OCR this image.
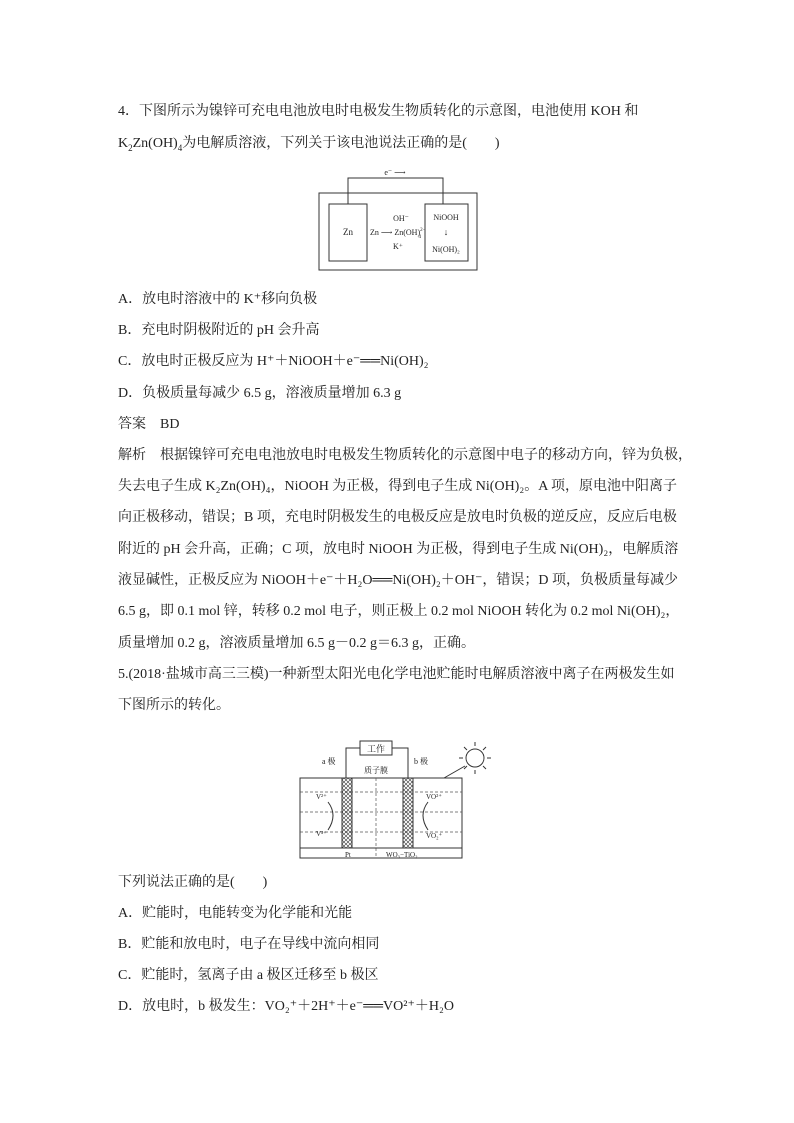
4．下图所示为镍锌可充电电池放电时电极发生物质转化的示意图，电池使用 KOH 和
$K_2Zn(OH)_4$为电解质溶液，下列关于该电池说法正确的是(　　)
e⁻ ⟶
Zn
NiOOH
↓
Ni(OH)₂
OH⁻
Zn ⟶ Zn(OH)$^{2-}$ 4
K⁺
A．放电时溶液中的 K⁺移向负极
B．充电时阴极附近的 pH 会升高
C．放电时正极反应为 H⁺＋NiOOH＋e⁻══Ni(OH)₂
D．负极质量每减少 6.5 g，溶液质量增加 6.3 g
答案　BD
解析　根据镍锌可充电电池放电时电极发生物质转化的示意图中电子的移动方向，锌为负极，
失去电子生成 K₂Zn(OH)₄，NiOOH 为正极，得到电子生成 Ni(OH)₂。A 项，原电池中阳离子
向正极移动，错误；B 项，充电时阴极发生的电极反应是放电时负极的逆反应，反应后电极
附近的 pH 会升高，正确；C 项，放电时 NiOOH 为正极，得到电子生成 Ni(OH)₂，电解质溶
液显碱性，正极反应为 NiOOH＋e⁻＋H₂O══Ni(OH)₂＋OH⁻，错误；D 项，负极质量每减少
6.5 g，即 0.1 mol 锌，转移 0.2 mol 电子，则正极上 0.2 mol NiOOH 转化为 0.2 mol Ni(OH)₂，
质量增加 0.2 g，溶液质量增加 6.5 g－0.2 g＝6.3 g，正确。
5.(2018·盐城市高三三模)一种新型太阳光电化学电池贮能时电解质溶液中离子在两极发生如
下图所示的转化。
工作
a 极	b 极
质子膜
V²⁺
V³⁺
VO²⁺
VO₂⁺
Pt	WO₃−TiO₂
下列说法正确的是(　　)
A．贮能时，电能转变为化学能和光能
B．贮能和放电时，电子在导线中流向相同
C．贮能时，氢离子由 a 极区迁移至 b 极区
D．放电时，b 极发生：VO₂⁺＋2H⁺＋e⁻══VO²⁺＋H₂O
